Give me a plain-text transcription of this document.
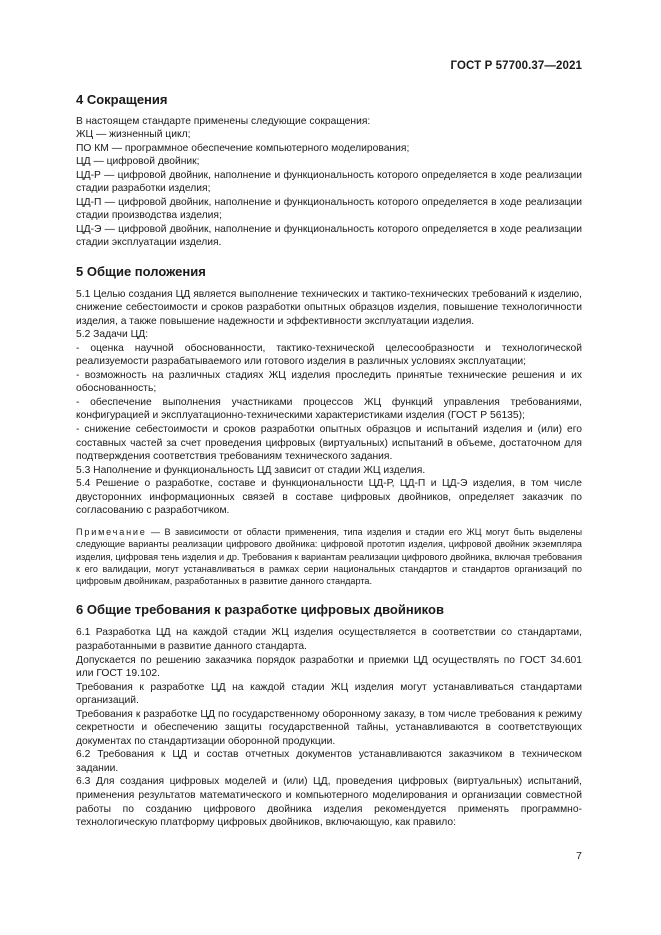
ГОСТ Р 57700.37—2021
4 Сокращения

В настоящем стандарте применены следующие сокращения:

ЖЦ — жизненный цикл;

ПО КМ — программное обеспечение компьютерного моделирования;

ЦД — цифровой двойник;

ЦД-Р — цифровой двойник, наполнение и функциональность которого определяется в ходе реализации стадии разработки изделия;

ЦД-П — цифровой двойник, наполнение и функциональность которого определяется в ходе реализации стадии производства изделия;

ЦД-Э — цифровой двойник, наполнение и функциональность которого определяется в ходе реализации стадии эксплуатации изделия.

5 Общие положения

5.1 Целью создания ЦД является выполнение технических и тактико-технических требований к изделию, снижение себестоимости и сроков разработки опытных образцов изделия, повышение технологичности изделия, а также повышение надежности и эффективности эксплуатации изделия.

5.2 Задачи ЦД:

- оценка научной обоснованности, тактико-технической целесообразности и технологической реализуемости разрабатываемого или готового изделия в различных условиях эксплуатации;

- возможность на различных стадиях ЖЦ изделия проследить принятые технические решения и их обоснованность;

- обеспечение выполнения участниками процессов ЖЦ функций управления требованиями, конфигурацией и эксплуатационно-техническими характеристиками изделия (ГОСТ Р 56135);

- снижение себестоимости и сроков разработки опытных образцов и испытаний изделия и (или) его составных частей за счет проведения цифровых (виртуальных) испытаний в объеме, достаточном для подтверждения соответствия требованиям технического задания.

5.3 Наполнение и функциональность ЦД зависит от стадии ЖЦ изделия.

5.4 Решение о разработке, составе и функциональности ЦД-Р, ЦД-П и ЦД-Э изделия, в том числе двусторонних информационных связей в составе цифровых двойников, определяет заказчик по согласованию с разработчиком.

Примечание — В зависимости от области применения, типа изделия и стадии его ЖЦ могут быть выделены следующие варианты реализации цифрового двойника: цифровой прототип изделия, цифровой двойник экземпляра изделия, цифровая тень изделия и др. Требования к вариантам реализации цифрового двойника, включая требования к его валидации, могут устанавливаться в рамках серии национальных стандартов и стандартов организаций по цифровым двойникам, разработанных в развитие данного стандарта.

6 Общие требования к разработке цифровых двойников

6.1 Разработка ЦД на каждой стадии ЖЦ изделия осуществляется в соответствии со стандартами, разработанными в развитие данного стандарта.

Допускается по решению заказчика порядок разработки и приемки ЦД осуществлять по ГОСТ 34.601 или ГОСТ 19.102.

Требования к разработке ЦД на каждой стадии ЖЦ изделия могут устанавливаться стандартами организаций.

Требования к разработке ЦД по государственному оборонному заказу, в том числе требования к режиму секретности и обеспечению защиты государственной тайны, устанавливаются в соответствующих документах по стандартизации оборонной продукции.

6.2 Требования к ЦД и состав отчетных документов устанавливаются заказчиком в техническом задании.

6.3 Для создания цифровых моделей и (или) ЦД, проведения цифровых (виртуальных) испытаний, применения результатов математического и компьютерного моделирования и организации совместной работы по созданию цифрового двойника изделия рекомендуется применять программно-технологическую платформу цифровых двойников, включающую, как правило:

7
